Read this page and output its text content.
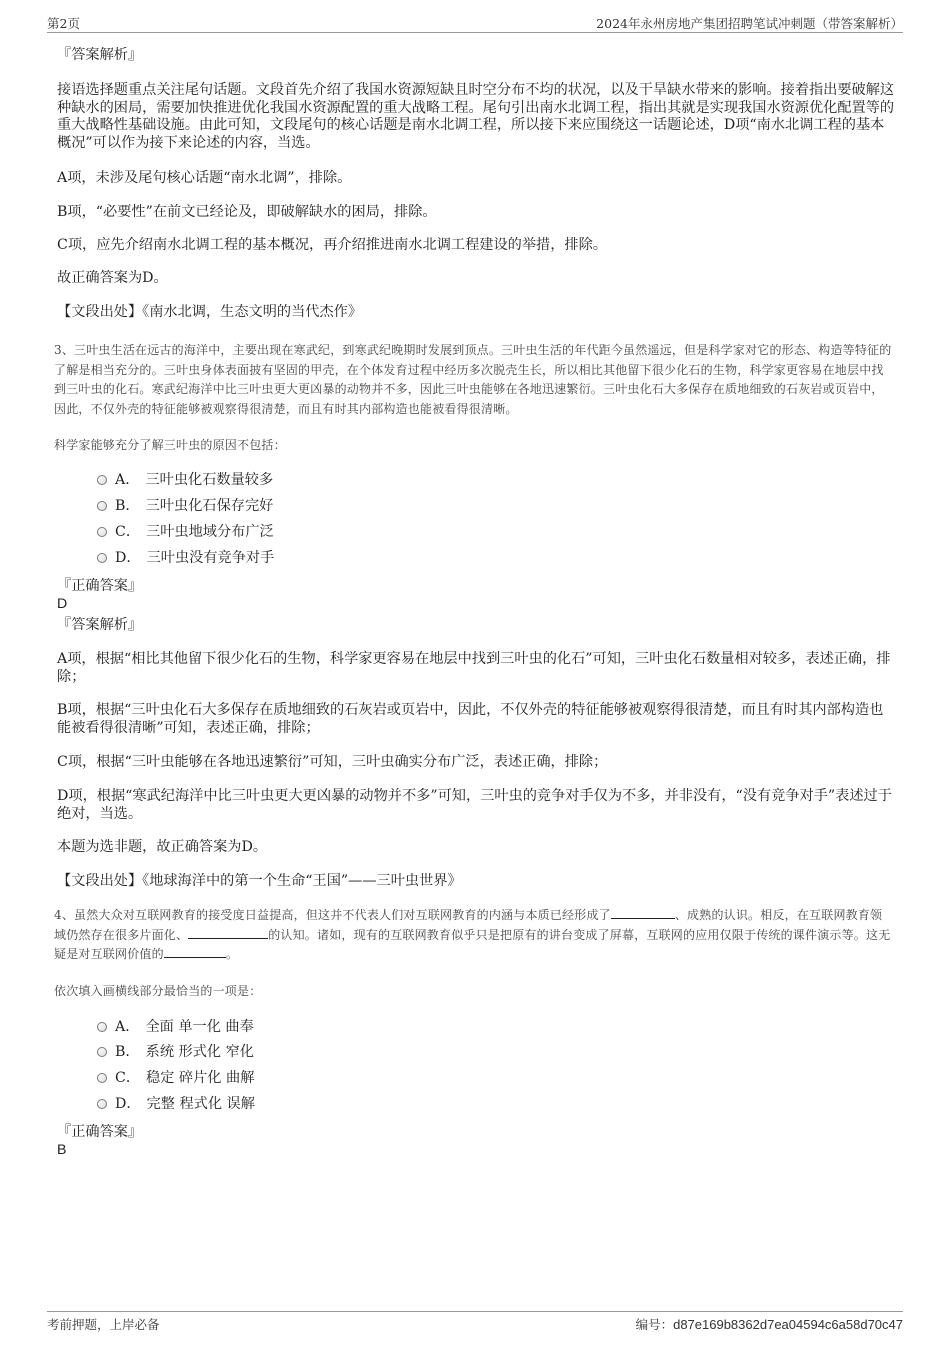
第2页	2024年永州房地产集团招聘笔试冲刺题（带答案解析）
『答案解析』
接语选择题重点关注尾句话题。文段首先介绍了我国水资源短缺且时空分布不均的状况，以及干旱缺水带来的影响。接着指出要破解这种缺水的困局，需要加快推进优化我国水资源配置的重大战略工程。尾句引出南水北调工程，指出其就是实现我国水资源优化配置等的重大战略性基础设施。由此可知，文段尾句的核心话题是南水北调工程，所以接下来应围绕这一话题论述，D项“南水北调工程的基本概况”可以作为接下来论述的内容，当选。
A项，未涉及尾句核心话题“南水北调”，排除。
B项，“必要性”在前文已经论及，即破解缺水的困局，排除。
C项，应先介绍南水北调工程的基本概况，再介绍推进南水北调工程建设的举措，排除。
故正确答案为D。
【文段出处】《南水北调，生态文明的当代杰作》
3、三叶虫生活在远古的海洋中，主要出现在寒武纪，到寒武纪晚期时发展到顶点。三叶虫生活的年代距今虽然遥远，但是科学家对它的形态、构造等特征的了解是相当充分的。三叶虫身体表面披有坚固的甲壳，在个体发育过程中经历多次脱壳生长，所以相比其他留下很少化石的生物，科学家更容易在地层中找到三叶虫的化石。寒武纪海洋中比三叶虫更大更凶暴的动物并不多，因此三叶虫能够在各地迅速繁衍。三叶虫化石大多保存在质地细致的石灰岩或页岩中，因此，不仅外壳的特征能够被观察得很清楚，而且有时其内部构造也能被看得很清晰。
科学家能够充分了解三叶虫的原因不包括：
A． 三叶虫化石数量较多
B． 三叶虫化石保存完好
C． 三叶虫地域分布广泛
D． 三叶虫没有竞争对手
『正确答案』
D
『答案解析』
A项，根据“相比其他留下很少化石的生物，科学家更容易在地层中找到三叶虫的化石”可知，三叶虫化石数量相对较多，表述正确，排除；
B项，根据“三叶虫化石大多保存在质地细致的石灰岩或页岩中，因此，不仅外壳的特征能够被观察得很清楚，而且有时其内部构造也能被看得很清晰”可知，表述正确，排除；
C项，根据“三叶虫能够在各地迅速繁衍”可知，三叶虫确实分布广泛，表述正确，排除；
D项，根据“寒武纪海洋中比三叶虫更大更凶暴的动物并不多”可知，三叶虫的竞争对手仅为不多，并非没有，“没有竞争对手”表述过于绝对，当选。
本题为选非题，故正确答案为D。
【文段出处】《地球海洋中的第一个生命“王国”——三叶虫世界》
4、虽然大众对互联网教育的接受度日益提高，但这并不代表人们对互联网教育的内涵与本质已经形成了	、成熟的认识。相反，在互联网教育领域仍然存在很多片面化、	的认知。诸如，现有的互联网教育似乎只是把原有的讲台变成了屏幕，互联网的应用仅限于传统的课件演示等。这无疑是对互联网价值的	。
依次填入画横线部分最恰当的一项是：
A． 全面 单一化 曲奉
B． 系统 形式化 窄化
C． 稳定 碎片化 曲解
D． 完整 程式化 误解
『正确答案』
B
考前押题，上岸必备	编号：d87e169b8362d7ea04594c6a58d70c47
